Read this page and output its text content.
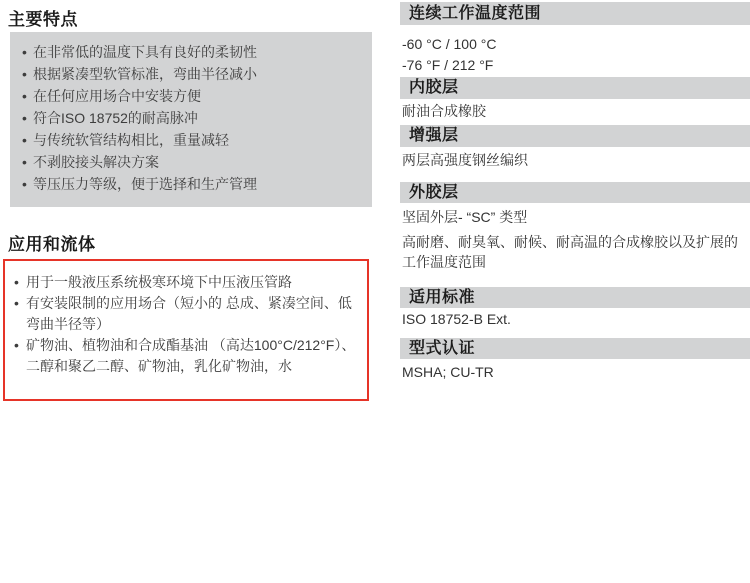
主要特点
• 在非常低的温度下具有良好的柔韧性
• 根据紧凑型软管标准，弯曲半径减小
• 在任何应用场合中安装方便
• 符合ISO 18752的耐高脉冲
• 与传统软管结构相比，重量减轻
• 不剥胶接头解决方案
• 等压压力等级，便于选择和生产管理
应用和流体
• 用于一般液压系统极寒环境下中压液压管路
• 有安装限制的应用场合（短小的 总成、紧凑空间、低弯曲半径等）
• 矿物油、植物油和合成酯基油 （高达100°C/212°F）、二醇和聚乙二醇、矿物油，乳化矿物油，水
连续工作温度范围
-60 °C / 100 °C
-76 °F / 212 °F
内胶层
耐油合成橡胶
增强层
两层高强度钢丝编织
外胶层
坚固外层- “SC” 类型
高耐磨、耐臭氧、耐候、耐高温的合成橡胶以及扩展的工作温度范围
适用标准
ISO 18752-B Ext.
型式认证
MSHA; CU-TR
